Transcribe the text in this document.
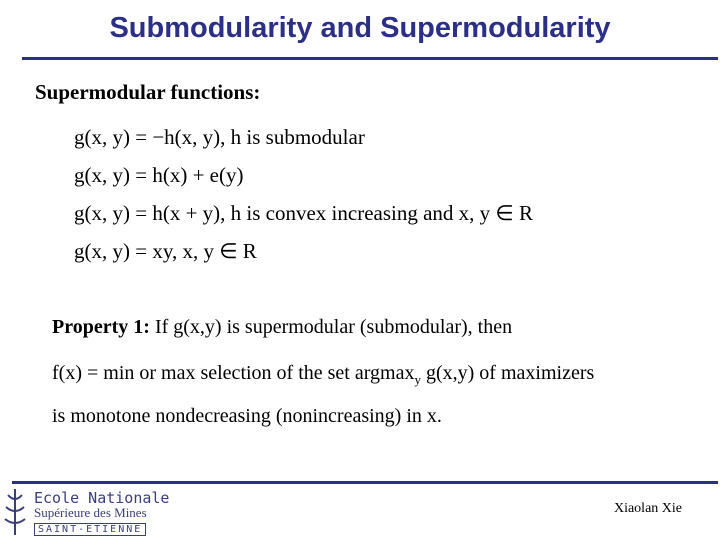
Submodularity and Supermodularity
Supermodular functions:
g(x, y) = −h(x, y), h is submodular
g(x, y) = h(x) + e(y)
g(x, y) = h(x + y), h is convex increasing and x, y ∈ R
g(x, y) = xy, x, y ∈ R
Property 1: If g(x,y) is supermodular (submodular), then
f(x) = min or max selection of the set argmax$_y$ g(x,y) of maximizers
is monotone nondecreasing (nonincreasing) in x.
Ecole Nationale
Supérieure des Mines
SAINT-ETIENNE
Xiaolan Xie
